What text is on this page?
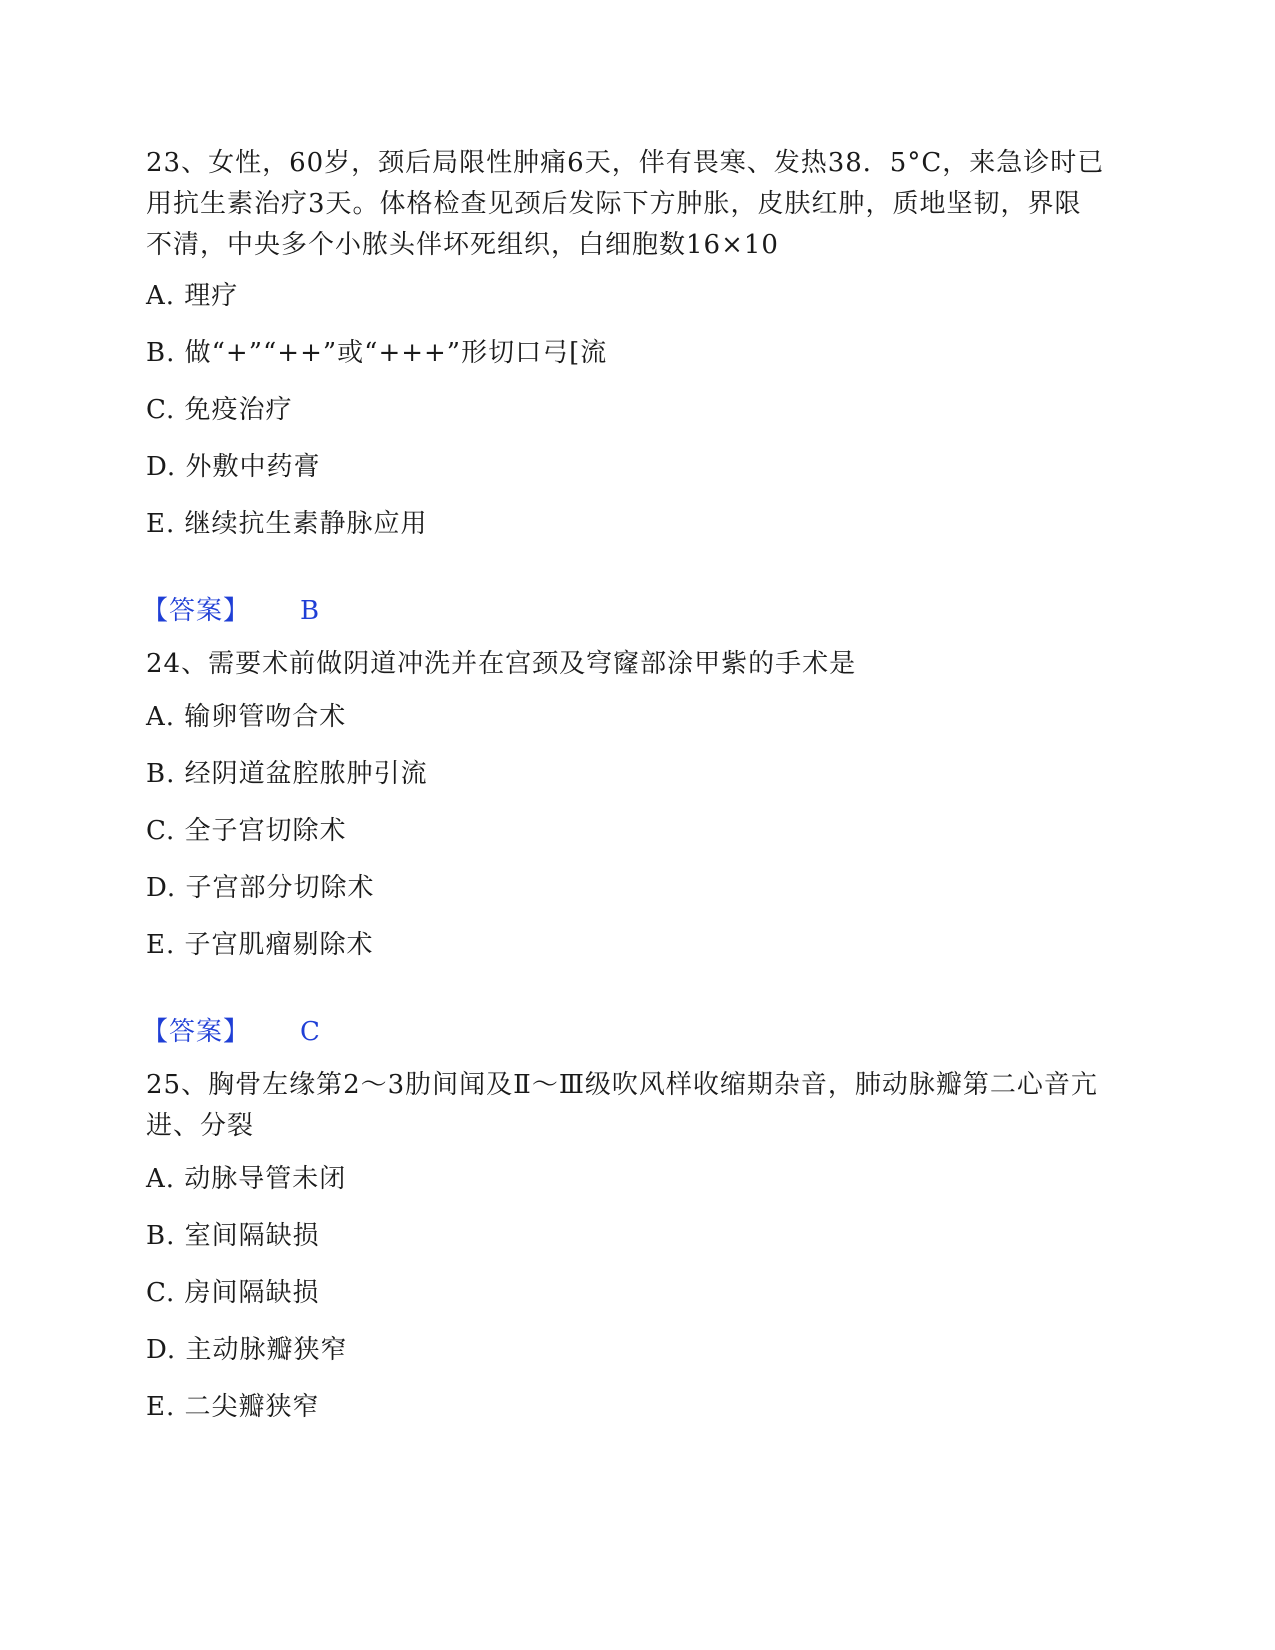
23、女性，60岁，颈后局限性肿痛6天，伴有畏寒、发热38．5°C，来急诊时已用抗生素治疗3天。体格检查见颈后发际下方肿胀，皮肤红肿，质地坚韧，界限不清，中央多个小脓头伴坏死组织，白细胞数16×10

A. 理疗
B. 做“+”“++”或“+++”形切口弓[流
C. 免疫治疗
D. 外敷中药膏
E. 继续抗生素静脉应用
【答案】 B

24、需要术前做阴道冲洗并在宫颈及穹窿部涂甲紫的手术是

A. 输卵管吻合术
B. 经阴道盆腔脓肿引流
C. 全子宫切除术
D. 子宫部分切除术
E. 子宫肌瘤剔除术
【答案】 C

25、胸骨左缘第2～3肋间闻及Ⅱ～Ⅲ级吹风样收缩期杂音，肺动脉瓣第二心音亢进、分裂

A. 动脉导管未闭
B. 室间隔缺损
C. 房间隔缺损
D. 主动脉瓣狭窄
E. 二尖瓣狭窄
